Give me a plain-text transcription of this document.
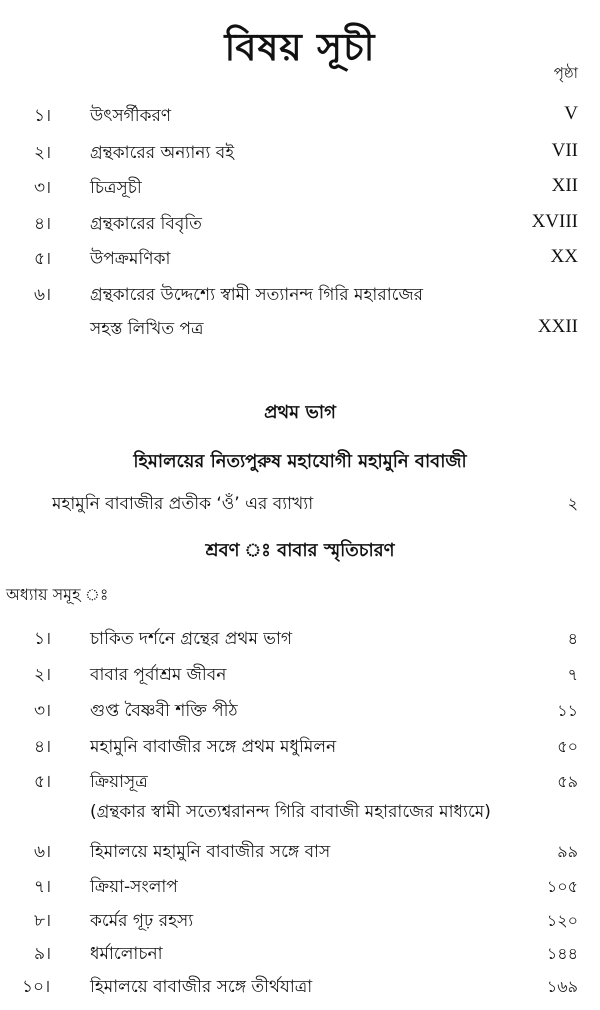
বিষয় সূচী
পৃষ্ঠা
১।	উৎসর্গীকরণ	V
২।	গ্রন্থকারের অন্যান্য বই	VII
৩।	চিত্রসূচী	XII
৪।	গ্রন্থকারের বিবৃতি	XVIII
৫।	উপক্রমণিকা	XX
৬।	গ্রন্থকারের উদ্দেশ্যে স্বামী সত্যানন্দ গিরি মহারাজের
সহস্ত লিখিত পত্র	XXII
প্রথম ভাগ
হিমালয়ের নিত্যপুরুষ মহাযোগী মহামুনি বাবাজী
মহামুনি বাবাজীর প্রতীক ‘ওঁ’ এর ব্যাখ্যা	২
শ্রবণ ঃ বাবার স্মৃতিচারণ
অধ্যায় সমূহ ঃ
১।	চাকিত দর্শনে গ্রন্থের প্রথম ভাগ	৪
২।	বাবার পূর্বাশ্রম জীবন	৭
৩।	গুপ্ত বৈষ্ণবী শক্তি পীঠ	১১
৪।	মহামুনি বাবাজীর সঙ্গে প্রথম মধুমিলন	৫০
৫।	ক্রিয়াসূত্র	৫৯
(গ্রন্থকার স্বামী সত্যেশ্বরানন্দ গিরি বাবাজী মহারাজের মাধ্যমে)
৬।	হিমালয়ে মহামুনি বাবাজীর সঙ্গে বাস	৯৯
৭।	ক্রিয়া-সংলাপ	১০৫
৮।	কর্মের গূঢ় রহস্য	১২০
৯।	ধর্মালোচনা	১৪৪
১০।	হিমালয়ে বাবাজীর সঙ্গে তীর্থযাত্রা	১৬৯
